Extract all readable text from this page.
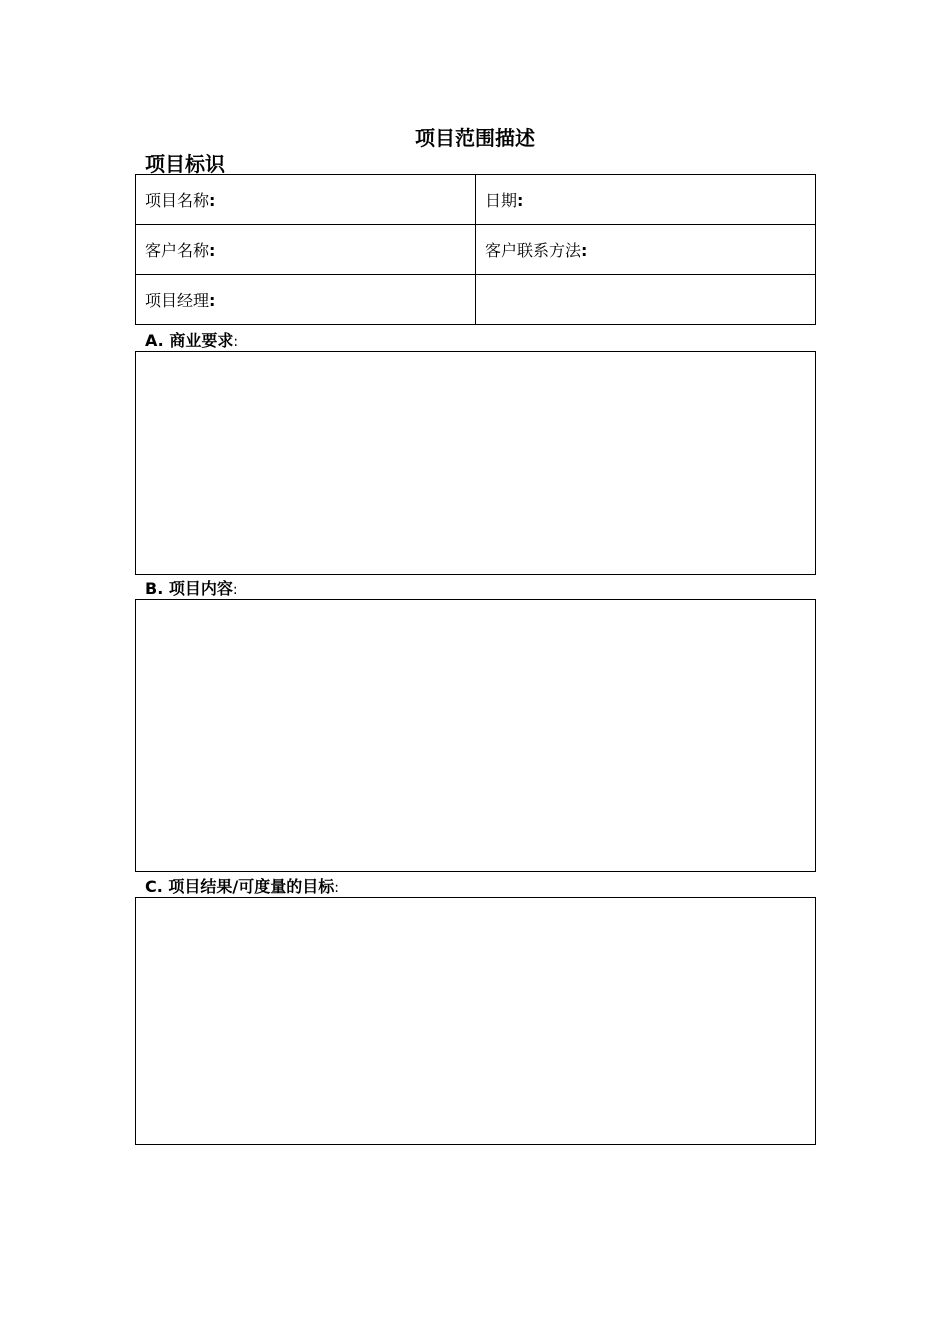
项目范围描述
项目标识
项目名称:	日期:
客户名称:	客户联系方法:
项目经理:	
A. 商业要求:
B. 项目内容:
C. 项目结果/可度量的目标:
